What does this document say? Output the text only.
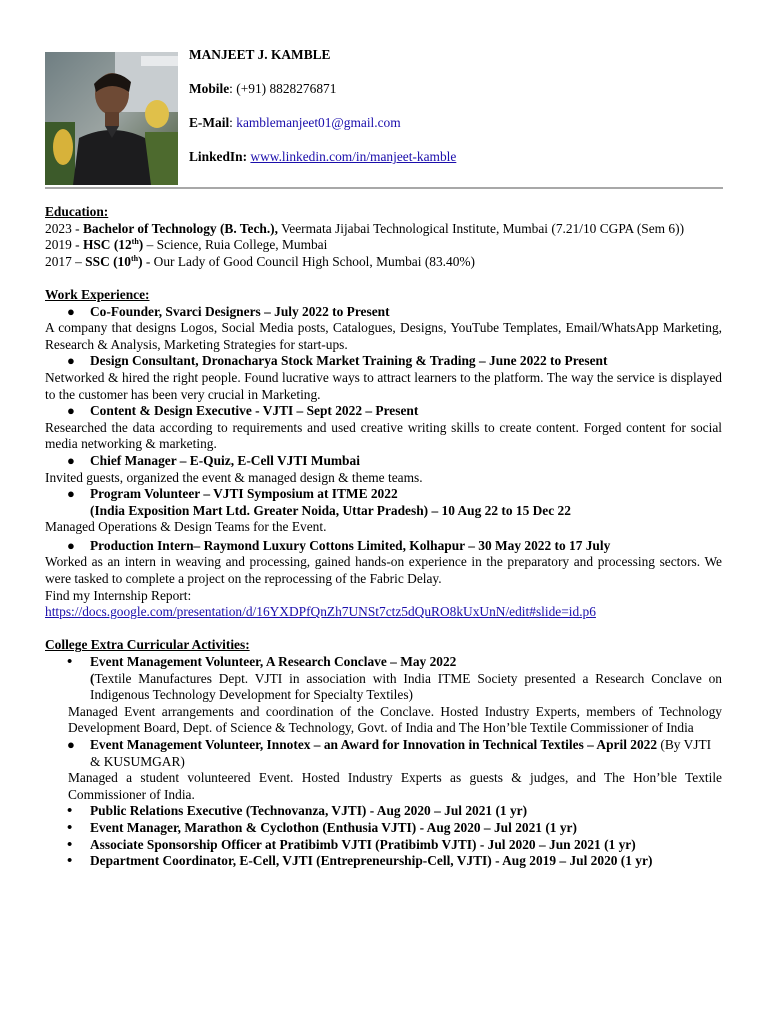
MANJEET J. KAMBLE

Mobile: (+91) 8828276871

E-Mail: kamblemanjeet01@gmail.com

LinkedIn: www.linkedin.com/in/manjeet-kamble

Education:
2023 - Bachelor of Technology (B. Tech.), Veermata Jijabai Technological Institute, Mumbai (7.21/10 CGPA (Sem 6))
2019 - HSC (12th) – Science, Ruia College, Mumbai
2017 – SSC (10th) - Our Lady of Good Council High School, Mumbai (83.40%)
Work Experience:
● Co-Founder, Svarci Designers – July 2022 to Present
A company that designs Logos, Social Media posts, Catalogues, Designs, YouTube Templates, Email/WhatsApp Marketing, Research & Analysis, Marketing Strategies for start-ups.
● Design Consultant, Dronacharya Stock Market Training & Trading – June 2022 to Present
Networked & hired the right people. Found lucrative ways to attract learners to the platform. The way the service is displayed to the customer has been very crucial in Marketing.
● Content & Design Executive - VJTI – Sept 2022 – Present
Researched the data according to requirements and used creative writing skills to create content. Forged content for social media networking & marketing.
● Chief Manager – E-Quiz, E-Cell VJTI Mumbai
Invited guests, organized the event & managed design & theme teams.
● Program Volunteer – VJTI Symposium at ITME 2022
(India Exposition Mart Ltd. Greater Noida, Uttar Pradesh) – 10 Aug 22 to 15 Dec 22
Managed Operations & Design Teams for the Event.
● Production Intern– Raymond Luxury Cottons Limited, Kolhapur – 30 May 2022 to 17 July
Worked as an intern in weaving and processing, gained hands-on experience in the preparatory and processing sectors. We were tasked to complete a project on the reprocessing of the Fabric Delay.
Find my Internship Report:
https://docs.google.com/presentation/d/16YXDPfQnZh7UNSt7ctz5dQuRO8kUxUnN/edit#slide=id.p6
College Extra Curricular Activities:
• Event Management Volunteer, A Research Conclave – May 2022
(Textile Manufactures Dept. VJTI in association with India ITME Society presented a Research Conclave on Indigenous Technology Development for Specialty Textiles)
Managed Event arrangements and coordination of the Conclave. Hosted Industry Experts, members of Technology Development Board, Dept. of Science & Technology, Govt. of India and The Hon’ble Textile Commissioner of India
● Event Management Volunteer, Innotex – an Award for Innovation in Technical Textiles – April 2022 (By VJTI & KUSUMGAR)
Managed a student volunteered Event. Hosted Industry Experts as guests & judges, and The Hon’ble Textile Commissioner of India.
• Public Relations Executive (Technovanza, VJTI) - Aug 2020 – Jul 2021 (1 yr)
• Event Manager, Marathon & Cyclothon (Enthusia VJTI) - Aug 2020 – Jul 2021 (1 yr)
• Associate Sponsorship Officer at Pratibimb VJTI (Pratibimb VJTI) - Jul 2020 – Jun 2021 (1 yr)
• Department Coordinator, E-Cell, VJTI (Entrepreneurship-Cell, VJTI) - Aug 2019 – Jul 2020 (1 yr)
